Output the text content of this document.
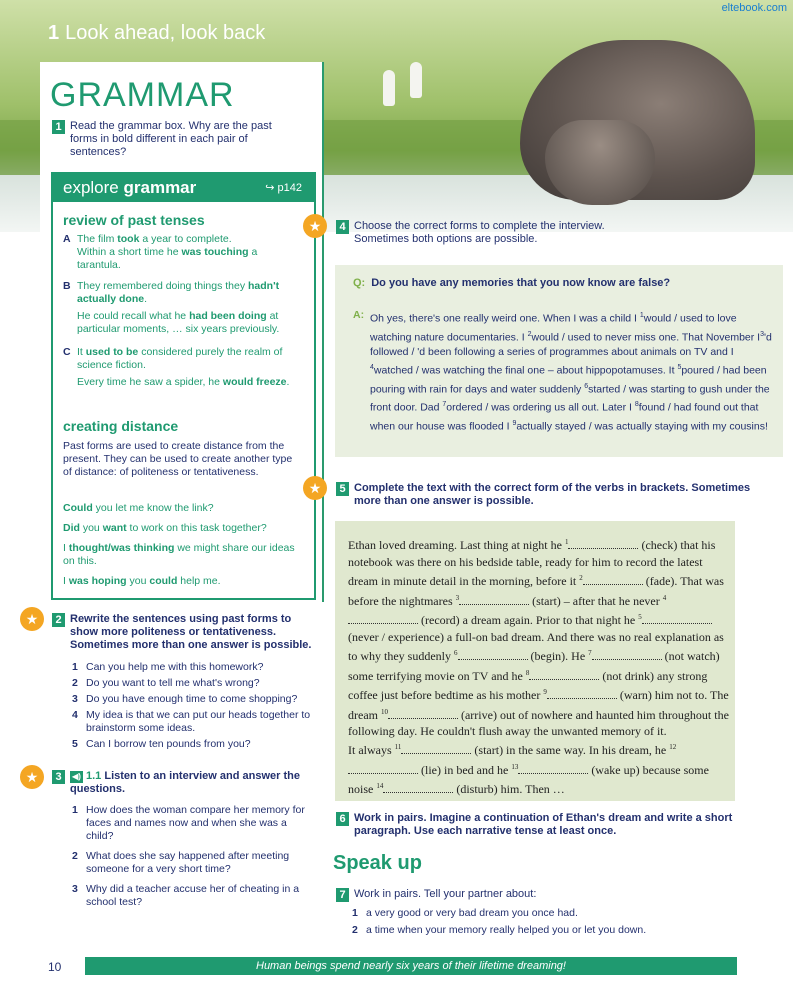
eltebook.com
1 Look ahead, look back
GRAMMAR
1 Read the grammar box. Why are the past forms in bold different in each pair of sentences?
explore grammar	↪ p142
review of past tenses
A The film took a year to complete.
Within a short time he was touching a tarantula.
B They remembered doing things they hadn't actually done.

He could recall what he had been doing at particular moments, … six years previously.
C It used to be considered purely the realm of science fiction.

Every time he saw a spider, he would freeze.
creating distance
Past forms are used to create distance from the present. They can be used to create another type of distance: of politeness or tentativeness.
Could you let me know the link?
Did you want to work on this task together?
I thought/was thinking we might share our ideas on this.
I was hoping you could help me.
★	2 Rewrite the sentences using past forms to show more politeness or tentativeness. Sometimes more than one answer is possible.
1 Can you help me with this homework?
2 Do you want to tell me what's wrong?
3 Do you have enough time to come shopping?
4 My idea is that we can put our heads together to brainstorm some ideas.
5 Can I borrow ten pounds from you?
★	3	◀) 1.1 Listen to an interview and answer the questions.
1 How does the woman compare her memory for faces and names now and when she was a child?
2 What does she say happened after meeting someone for a very short time?
3 Why did a teacher accuse her of cheating in a school test?
★	4 Choose the correct forms to complete the interview. Sometimes both options are possible.
Q: Do you have any memories that you now know are false?
A: Oh yes, there's one really weird one. When I was a child I $^1$would / used to love watching nature documentaries. I $^2$would / used to never miss one. That November $I^3'd$ followed / 'd been following a series of programmes about animals on TV and I $^4$watched / was watching the final one – about hippopotamuses. It $^5$poured / had been pouring with rain for days and water suddenly $^6$started / was starting to gush under the front door. Dad $^7$ordered / was ordering us all out. Later I $^8$found / had found out that when our house was flooded I $^9$actually stayed / was actually staying with my cousins!
★	5 Complete the text with the correct form of the verbs in brackets. Sometimes more than one answer is possible.
Ethan loved dreaming. Last thing at night he $^1$	(check) that his notebook was there on his bedside table, ready for him to record the latest dream in minute detail in the morning, before it $^2$	(fade). That was before the nightmares $^3$	(start) – after that he never $^4$ (record) a dream again. Prior to that night he $^5$ (never / experience) a full-on bad dream. And there was no real explanation as to why they suddenly $^6$	(begin). He $^7$	(not watch) some terrifying movie on TV and he $^8$	(not drink) any strong coffee just before bedtime as his mother $^9$	(warn) him not to. The dream $^{10}$	(arrive) out of nowhere and haunted him throughout the following day. He couldn't flush away the unwanted memory of it.
It always $^{11}$	(start) in the same way. In his dream, he $^{12}$ (lie) in bed and he $^{13}$	(wake up) because some noise $^{14}$	(disturb) him. Then …
6 Work in pairs. Imagine a continuation of Ethan's dream and write a short paragraph. Use each narrative tense at least once.
Speak up
7 Work in pairs. Tell your partner about:
1 a very good or very bad dream you once had.
2 a time when your memory really helped you or let you down.
10	Human beings spend nearly six years of their lifetime dreaming!
